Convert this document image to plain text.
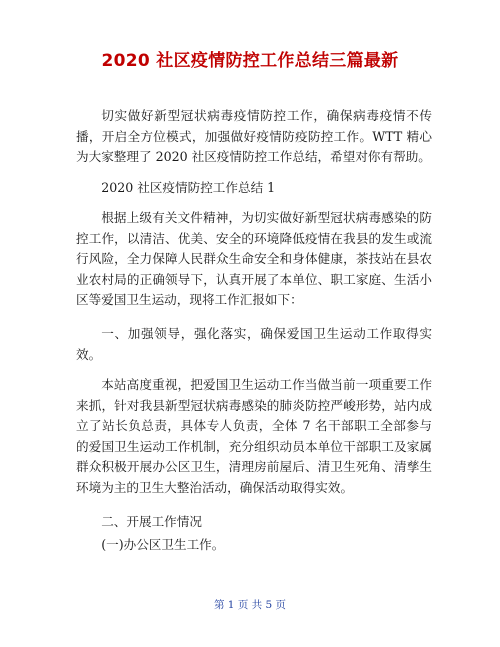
2020 社区疫情防控工作总结三篇最新

切实做好新型冠状病毒疫情防控工作，确保病毒疫情不传播，开启全方位模式，加强做好疫情防疫防控工作。WTT 精心为大家整理了 2020 社区疫情防控工作总结，希望对你有帮助。

2020 社区疫情防控工作总结 1

根据上级有关文件精神，为切实做好新型冠状病毒感染的防控工作，以清洁、优美、安全的环境降低疫情在我县的发生或流行风险，全力保障人民群众生命安全和身体健康，茶技站在县农业农村局的正确领导下，认真开展了本单位、职工家庭、生活小区等爱国卫生运动，现将工作汇报如下：

一、加强领导，强化落实，确保爱国卫生运动工作取得实效。

本站高度重视，把爱国卫生运动工作当做当前一项重要工作来抓，针对我县新型冠状病毒感染的肺炎防控严峻形势，站内成立了站长负总责，具体专人负责，全体 7 名干部职工全部参与的爱国卫生运动工作机制，充分组织动员本单位干部职工及家属群众积极开展办公区卫生，清理房前屋后、清卫生死角、清孳生环境为主的卫生大整治活动，确保活动取得实效。

二、开展工作情况

(一)办公区卫生工作。

第 1 页 共 5 页
